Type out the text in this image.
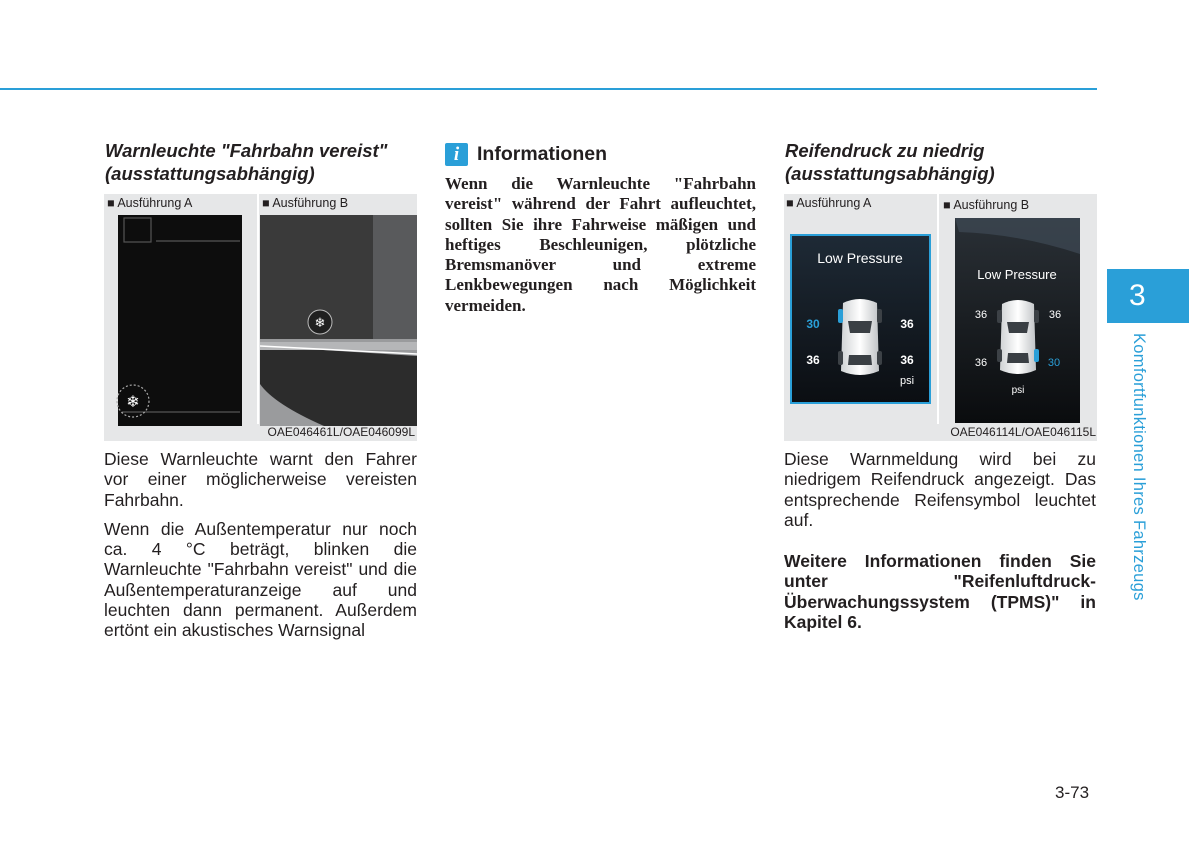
Warnleuchte "Fahrbahn vereist"
(ausstattungsabhängig)
■ Ausführung A	■ Ausführung B
❄
❄
OAE046461L/OAE046099L

Diese Warnleuchte warnt den Fahrer vor einer möglicherweise vereisten Fahrbahn.

Wenn die Außentemperatur nur noch ca. 4 °C beträgt, blinken die Warnleuchte "Fahrbahn vereist" und die Außentemperaturanzeige auf und leuchten dann permanent. Außerdem ertönt ein akustisches Warnsignal

i Informationen
Wenn die Warnleuchte "Fahrbahn vereist" während der Fahrt aufleuchtet, sollten Sie ihre Fahrweise mäßigen und heftiges Beschleunigen, plötzliche Bremsmanöver und extreme Lenkbewegungen nach Möglichkeit vermeiden.
Reifendruck zu niedrig
(ausstattungsabhängig)
■ Ausführung A	■ Ausführung B
Low Pressure
30	36
36	36
psi
Low Pressure
36	36
36	30
psi
OAE046114L/OAE046115L

Diese Warnmeldung wird bei zu niedrigem Reifendruck angezeigt. Das entsprechende Reifensymbol leuchtet auf.

Weitere Informationen finden Sie unter "Reifenluftdruck-Überwachungssystem (TPMS)" in Kapitel 6.

3
Komfortfunktionen Ihres Fahrzeugs
3-73
